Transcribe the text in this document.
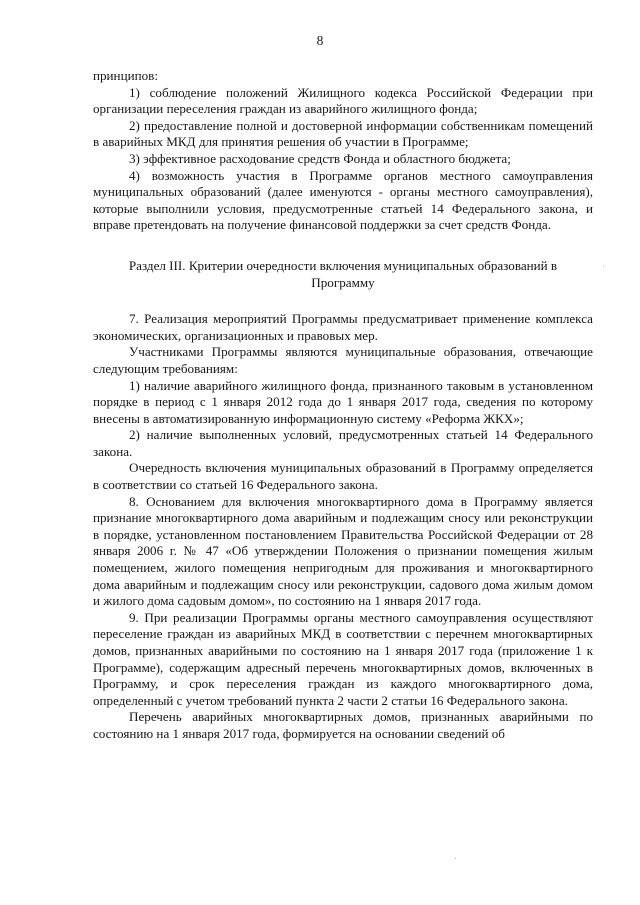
8

принципов:

1) соблюдение положений Жилищного кодекса Российской Федерации при организации переселения граждан из аварийного жилищного фонда;

2) предоставление полной и достоверной информации собственникам помещений в аварийных МКД для принятия решения об участии в Программе;

3) эффективное расходование средств Фонда и областного бюджета;

4) возможность участия в Программе органов местного самоуправления муниципальных образований (далее именуются - органы местного самоуправления), которые выполнили условия, предусмотренные статьей 14 Федерального закона, и вправе претендовать на получение финансовой поддержки за счет средств Фонда.

Раздел III. Критерии очередности включения муниципальных образований в Программу

7. Реализация мероприятий Программы предусматривает применение комплекса экономических, организационных и правовых мер.

Участниками Программы являются муниципальные образования, отвечающие следующим требованиям:

1) наличие аварийного жилищного фонда, признанного таковым в установленном порядке в период с 1 января 2012 года до 1 января 2017 года, сведения по которому внесены в автоматизированную информационную систему «Реформа ЖКХ»;

2) наличие выполненных условий, предусмотренных статьей 14 Федерального закона.

Очередность включения муниципальных образований в Программу определяется в соответствии со статьей 16 Федерального закона.

8. Основанием для включения многоквартирного дома в Программу является признание многоквартирного дома аварийным и подлежащим сносу или реконструкции в порядке, установленном постановлением Правительства Российской Федерации от 28 января 2006 г. № 47 «Об утверждении Положения о признании помещения жилым помещением, жилого помещения непригодным для проживания и многоквартирного дома аварийным и подлежащим сносу или реконструкции, садового дома жилым домом и жилого дома садовым домом», по состоянию на 1 января 2017 года.

9. При реализации Программы органы местного самоуправления осуществляют переселение граждан из аварийных МКД в соответствии с перечнем многоквартирных домов, признанных аварийными по состоянию на 1 января 2017 года (приложение 1 к Программе), содержащим адресный перечень многоквартирных домов, включенных в Программу, и срок переселения граждан из каждого многоквартирного дома, определенный с учетом требований пункта 2 части 2 статьи 16 Федерального закона.

Перечень аварийных многоквартирных домов, признанных аварийными по состоянию на 1 января 2017 года, формируется на основании сведений об
